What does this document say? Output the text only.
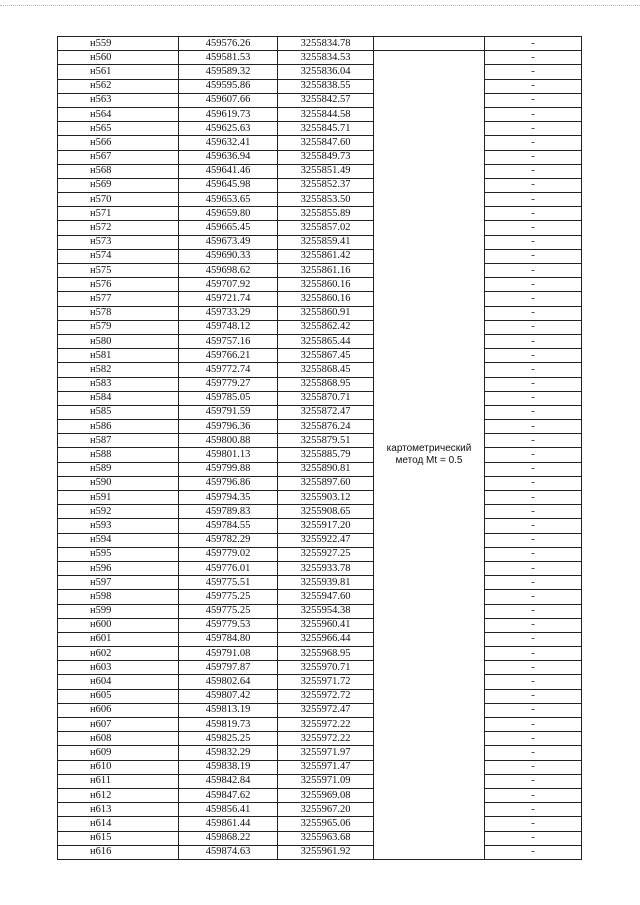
н559	459576.26	3255834.78		-
н560	459581.53	3255834.53	картометрический метод Mt = 0.5	-
н561	459589.32	3255836.04		-
н562	459595.86	3255838.55		-
н563	459607.66	3255842.57		-
н564	459619.73	3255844.58		-
н565	459625.63	3255845.71		-
н566	459632.41	3255847.60		-
н567	459636.94	3255849.73		-
н568	459641.46	3255851.49		-
н569	459645.98	3255852.37		-
н570	459653.65	3255853.50		-
н571	459659.80	3255855.89		-
н572	459665.45	3255857.02		-
н573	459673.49	3255859.41		-
н574	459690.33	3255861.42		-
н575	459698.62	3255861.16		-
н576	459707.92	3255860.16		-
н577	459721.74	3255860.16		-
н578	459733.29	3255860.91		-
н579	459748.12	3255862.42		-
н580	459757.16	3255865.44		-
н581	459766.21	3255867.45		-
н582	459772.74	3255868.45		-
н583	459779.27	3255868.95		-
н584	459785.05	3255870.71		-
н585	459791.59	3255872.47		-
н586	459796.36	3255876.24		-
н587	459800.88	3255879.51		-
н588	459801.13	3255885.79		-
н589	459799.88	3255890.81		-
н590	459796.86	3255897.60		-
н591	459794.35	3255903.12		-
н592	459789.83	3255908.65		-
н593	459784.55	3255917.20		-
н594	459782.29	3255922.47		-
н595	459779.02	3255927.25		-
н596	459776.01	3255933.78		-
н597	459775.51	3255939.81		-
н598	459775.25	3255947.60		-
н599	459775.25	3255954.38		-
н600	459779.53	3255960.41		-
н601	459784.80	3255966.44		-
н602	459791.08	3255968.95		-
н603	459797.87	3255970.71		-
н604	459802.64	3255971.72		-
н605	459807.42	3255972.72		-
н606	459813.19	3255972.47		-
н607	459819.73	3255972.22		-
н608	459825.25	3255972.22		-
н609	459832.29	3255971.97		-
н610	459838.19	3255971.47		-
н611	459842.84	3255971.09		-
н612	459847.62	3255969.08		-
н613	459856.41	3255967.20		-
н614	459861.44	3255965.06		-
н615	459868.22	3255963.68		-
н616	459874.63	3255961.92		-
